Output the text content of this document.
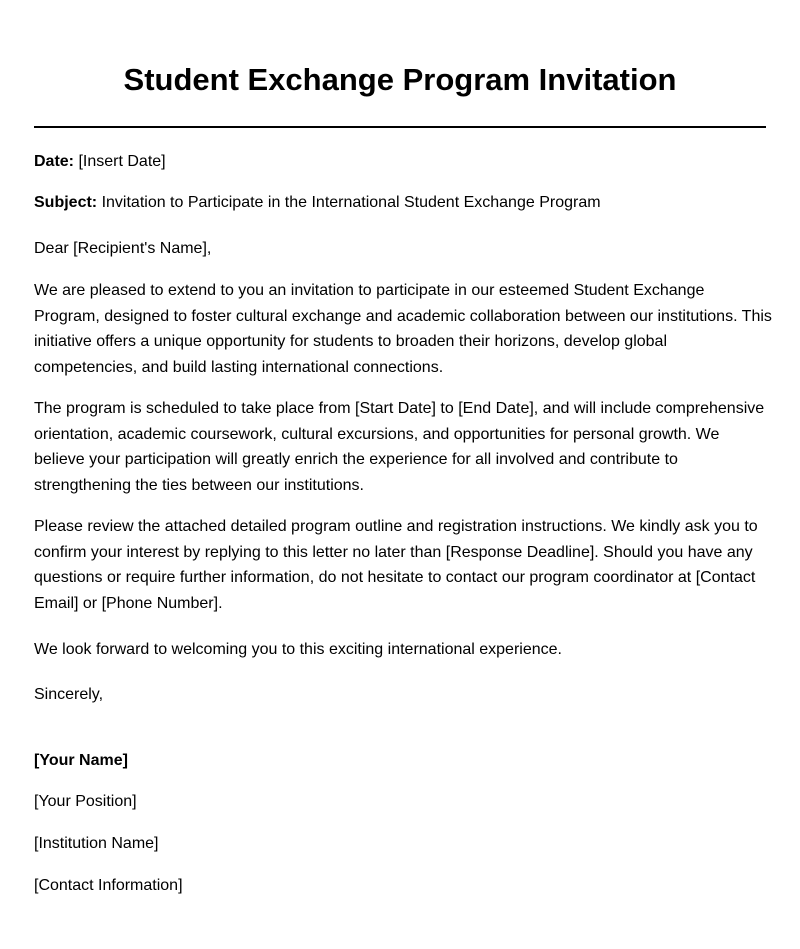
Student Exchange Program Invitation

Date: [Insert Date]

Subject: Invitation to Participate in the International Student Exchange Program

Dear [Recipient's Name],

We are pleased to extend to you an invitation to participate in our esteemed Student Exchange Program, designed to foster cultural exchange and academic collaboration between our institutions. This initiative offers a unique opportunity for students to broaden their horizons, develop global competencies, and build lasting international connections.

The program is scheduled to take place from [Start Date] to [End Date], and will include comprehensive orientation, academic coursework, cultural excursions, and opportunities for personal growth. We believe your participation will greatly enrich the experience for all involved and contribute to strengthening the ties between our institutions.

Please review the attached detailed program outline and registration instructions. We kindly ask you to confirm your interest by replying to this letter no later than [Response Deadline]. Should you have any questions or require further information, do not hesitate to contact our program coordinator at [Contact Email] or [Phone Number].

We look forward to welcoming you to this exciting international experience.

Sincerely,

[Your Name]

[Your Position]

[Institution Name]

[Contact Information]
